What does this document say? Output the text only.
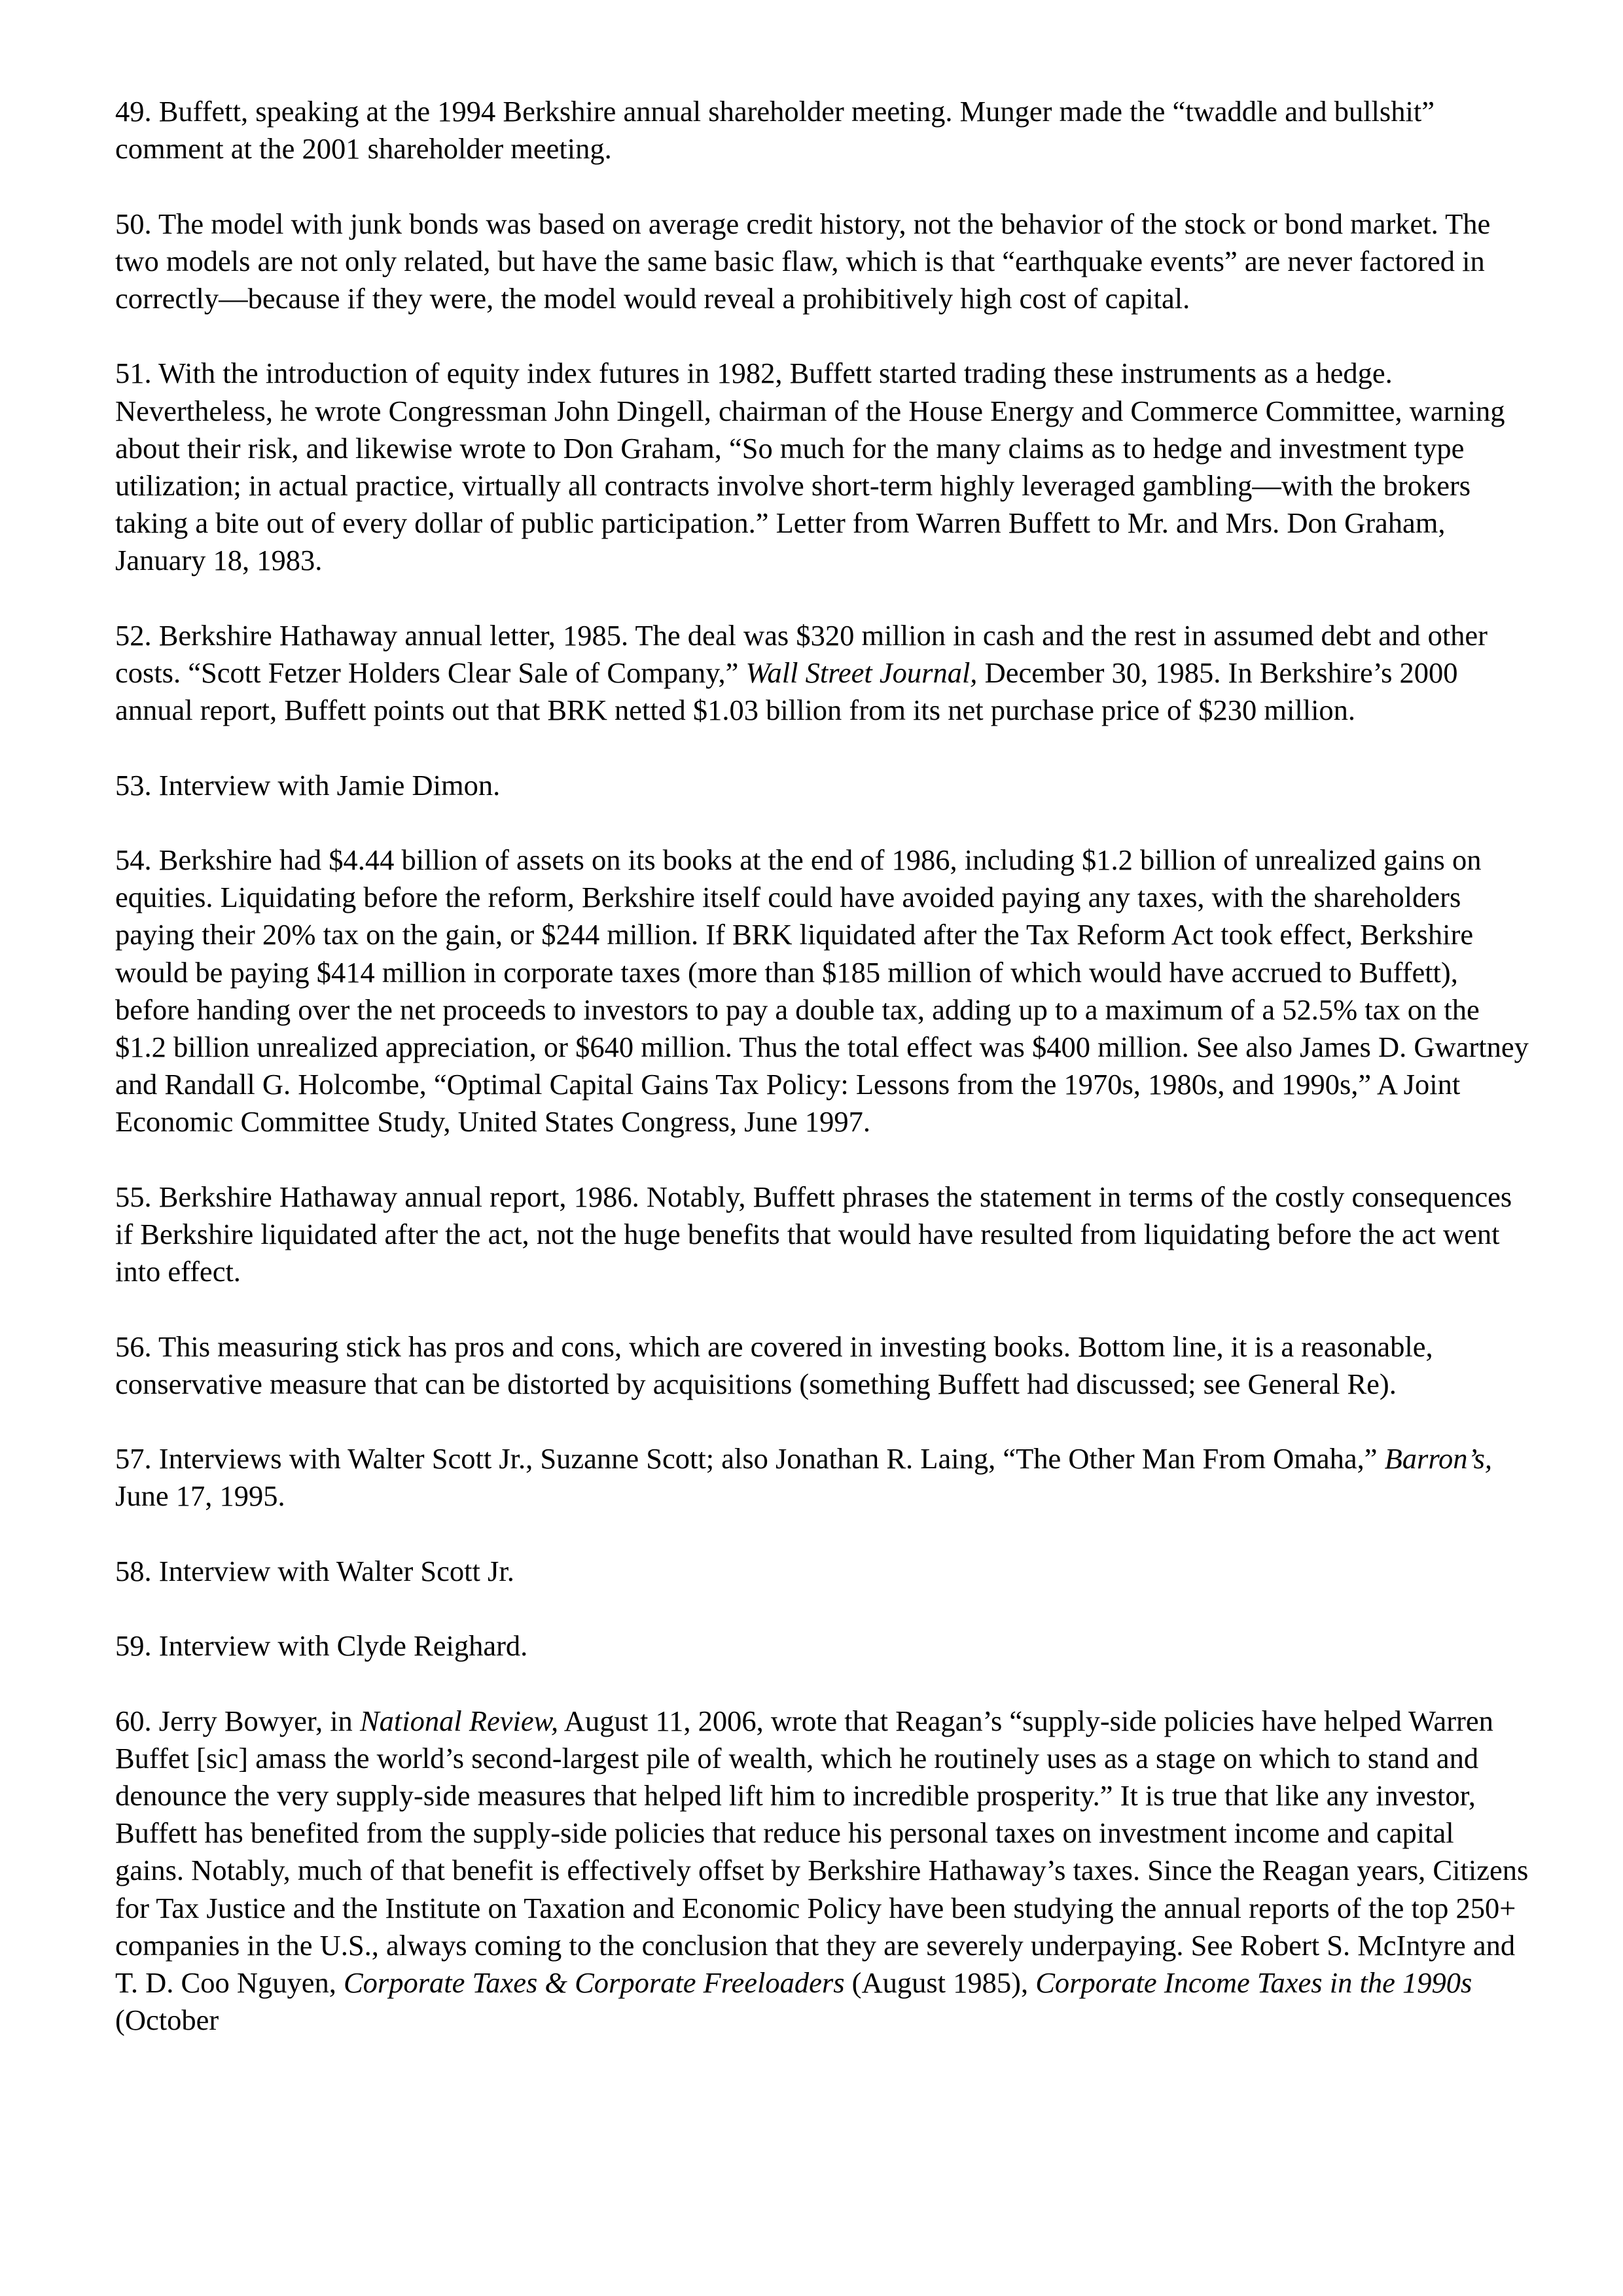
49. Buffett, speaking at the 1994 Berkshire annual shareholder meeting. Munger made the “twaddle and bullshit” comment at the 2001 shareholder meeting.

50. The model with junk bonds was based on average credit history, not the behavior of the stock or bond market. The two models are not only related, but have the same basic flaw, which is that “earthquake events” are never factored in correctly—because if they were, the model would reveal a prohibitively high cost of capital.

51. With the introduction of equity index futures in 1982, Buffett started trading these instruments as a hedge. Nevertheless, he wrote Congressman John Dingell, chairman of the House Energy and Commerce Committee, warning about their risk, and likewise wrote to Don Graham, “So much for the many claims as to hedge and investment type utilization; in actual practice, virtually all contracts involve short-term highly leveraged gambling—with the brokers taking a bite out of every dollar of public participation.” Letter from Warren Buffett to Mr. and Mrs. Don Graham, January 18, 1983.

52. Berkshire Hathaway annual letter, 1985. The deal was $320 million in cash and the rest in assumed debt and other costs. “Scott Fetzer Holders Clear Sale of Company,” Wall Street Journal, December 30, 1985. In Berkshire’s 2000 annual report, Buffett points out that BRK netted $1.03 billion from its net purchase price of $230 million.

53. Interview with Jamie Dimon.

54. Berkshire had $4.44 billion of assets on its books at the end of 1986, including $1.2 billion of unrealized gains on equities. Liquidating before the reform, Berkshire itself could have avoided paying any taxes, with the shareholders paying their 20% tax on the gain, or $244 million. If BRK liquidated after the Tax Reform Act took effect, Berkshire would be paying $414 million in corporate taxes (more than $185 million of which would have accrued to Buffett), before handing over the net proceeds to investors to pay a double tax, adding up to a maximum of a 52.5% tax on the $1.2 billion unrealized appreciation, or $640 million. Thus the total effect was $400 million. See also James D. Gwartney and Randall G. Holcombe, “Optimal Capital Gains Tax Policy: Lessons from the 1970s, 1980s, and 1990s,” A Joint Economic Committee Study, United States Congress, June 1997.

55. Berkshire Hathaway annual report, 1986. Notably, Buffett phrases the statement in terms of the costly consequences if Berkshire liquidated after the act, not the huge benefits that would have resulted from liquidating before the act went into effect.

56. This measuring stick has pros and cons, which are covered in investing books. Bottom line, it is a reasonable, conservative measure that can be distorted by acquisitions (something Buffett had discussed; see General Re).

57. Interviews with Walter Scott Jr., Suzanne Scott; also Jonathan R. Laing, “The Other Man From Omaha,” Barron’s, June 17, 1995.

58. Interview with Walter Scott Jr.

59. Interview with Clyde Reighard.

60. Jerry Bowyer, in National Review, August 11, 2006, wrote that Reagan’s “supply-side policies have helped Warren Buffet [sic] amass the world’s second-largest pile of wealth, which he routinely uses as a stage on which to stand and denounce the very supply-side measures that helped lift him to incredible prosperity.” It is true that like any investor, Buffett has benefited from the supply-side policies that reduce his personal taxes on investment income and capital gains. Notably, much of that benefit is effectively offset by Berkshire Hathaway’s taxes. Since the Reagan years, Citizens for Tax Justice and the Institute on Taxation and Economic Policy have been studying the annual reports of the top 250+ companies in the U.S., always coming to the conclusion that they are severely underpaying. See Robert S. McIntyre and T. D. Coo Nguyen, Corporate Taxes & Corporate Freeloaders (August 1985), Corporate Income Taxes in the 1990s (October
